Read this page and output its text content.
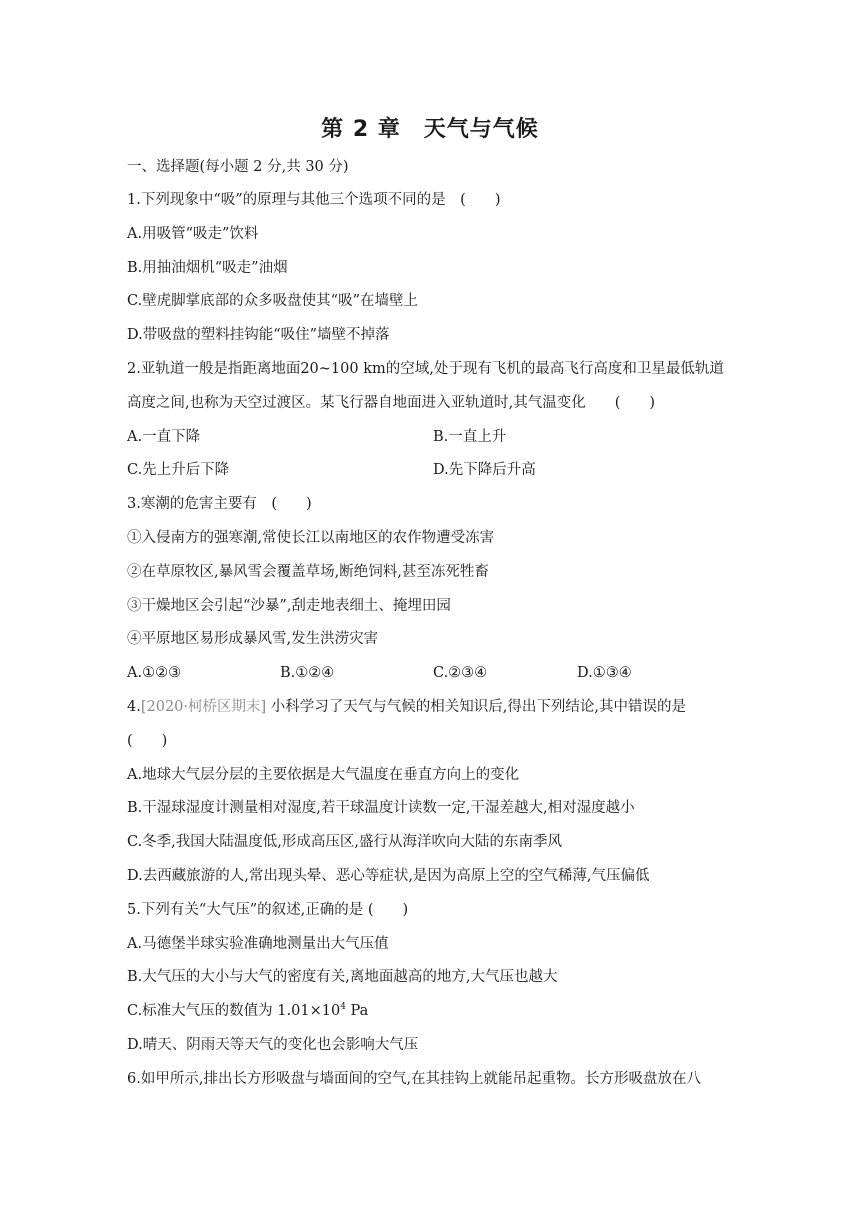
第 2 章　天气与气候
一、选择题(每小题 2 分,共 30 分)
1.下列现象中“吸”的原理与其他三个选项不同的是　(　　)
A.用吸管“吸走”饮料
B.用抽油烟机“吸走”油烟
C.壁虎脚掌底部的众多吸盘使其“吸”在墙壁上
D.带吸盘的塑料挂钩能“吸住”墙壁不掉落
2.亚轨道一般是指距离地面20~100 km的空域,处于现有飞机的最高飞行高度和卫星最低轨道
高度之间,也称为天空过渡区。某飞行器自地面进入亚轨道时,其气温变化　　(　　)
A.一直下降	B.一直上升
C.先上升后下降	D.先下降后升高
3.寒潮的危害主要有　(　　)
①入侵南方的强寒潮,常使长江以南地区的农作物遭受冻害
②在草原牧区,暴风雪会覆盖草场,断绝饲料,甚至冻死牲畜
③干燥地区会引起“沙暴”,刮走地表细土、掩埋田园
④平原地区易形成暴风雪,发生洪涝灾害
A.①②③	B.①②④	C.②③④	D.①③④
4.[2020·柯桥区期末] 小科学习了天气与气候的相关知识后,得出下列结论,其中错误的是
(　　)
A.地球大气层分层的主要依据是大气温度在垂直方向上的变化
B.干湿球湿度计测量相对湿度,若干球温度计读数一定,干湿差越大,相对湿度越小
C.冬季,我国大陆温度低,形成高压区,盛行从海洋吹向大陆的东南季风
D.去西藏旅游的人,常出现头晕、恶心等症状,是因为高原上空的空气稀薄,气压偏低
5.下列有关“大气压”的叙述,正确的是 (　　)
A.马德堡半球实验准确地测量出大气压值
B.大气压的大小与大气的密度有关,离地面越高的地方,大气压也越大
C.标准大气压的数值为 $1.01\times 10^4$ Pa
D.晴天、阴雨天等天气的变化也会影响大气压
6.如甲所示,排出长方形吸盘与墙面间的空气,在其挂钩上就能吊起重物。长方形吸盘放在八
